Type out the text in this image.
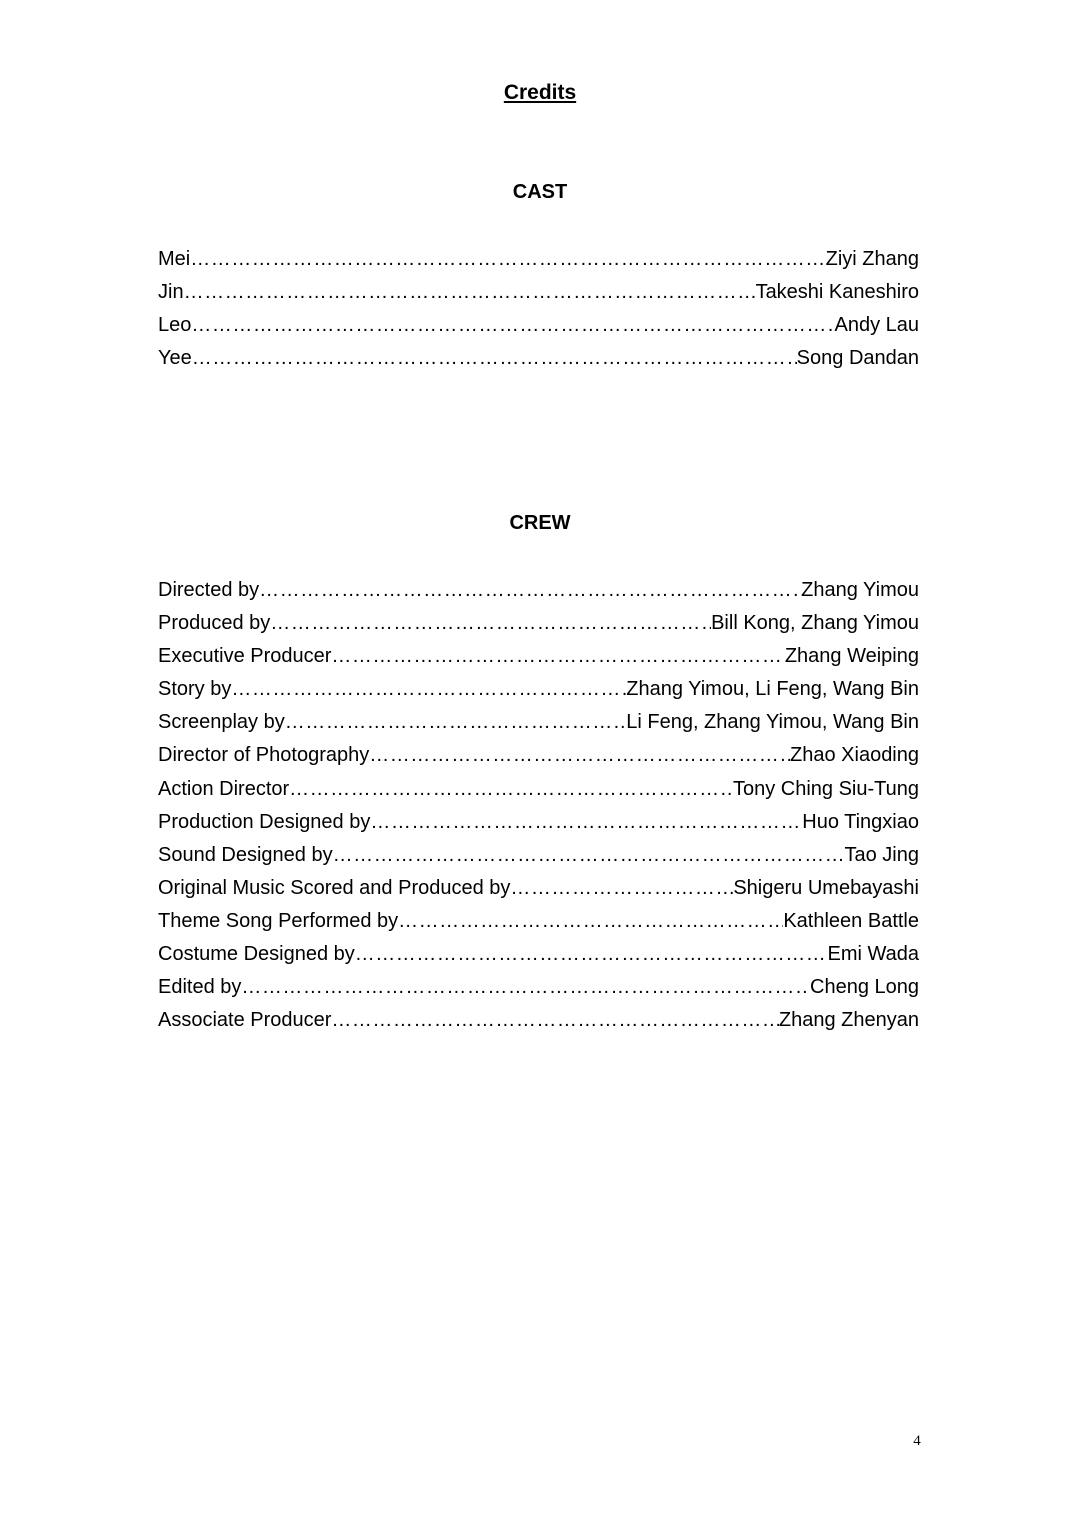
Credits
CAST
Mei …………………………………………………………………………………………………………………………………………………………………………	Ziyi Zhang
Jin …………………………………………………………………………………………………………………………………………………………………………	Takeshi Kaneshiro
Leo …………………………………………………………………………………………………………………………………………………………………………	Andy Lau
Yee …………………………………………………………………………………………………………………………………………………………………………	Song Dandan
CREW
Directed by …………………………………………………………………………………………………………………………………………………………………………	Zhang Yimou
Produced by …………………………………………………………………………………………………………………………………………………………………………	Bill Kong, Zhang Yimou
Executive Producer …………………………………………………………………………………………………………………………………………………………………………	Zhang Weiping
Story by …………………………………………………………………………………………………………………………………………………………………………	Zhang Yimou, Li Feng, Wang Bin
Screenplay by …………………………………………………………………………………………………………………………………………………………………………	Li Feng, Zhang Yimou, Wang Bin
Director of Photography …………………………………………………………………………………………………………………………………………………………………………	Zhao Xiaoding
Action Director …………………………………………………………………………………………………………………………………………………………………………	Tony Ching Siu-Tung
Production Designed by …………………………………………………………………………………………………………………………………………………………………………	Huo Tingxiao
Sound Designed by …………………………………………………………………………………………………………………………………………………………………………	Tao Jing
Original Music Scored and Produced by …………………………………………………………………………………………………………………………………………………………………………	Shigeru Umebayashi
Theme Song Performed by …………………………………………………………………………………………………………………………………………………………………………	Kathleen Battle
Costume Designed by …………………………………………………………………………………………………………………………………………………………………………	Emi Wada
Edited by …………………………………………………………………………………………………………………………………………………………………………	Cheng Long
Associate Producer …………………………………………………………………………………………………………………………………………………………………………	Zhang Zhenyan
4
